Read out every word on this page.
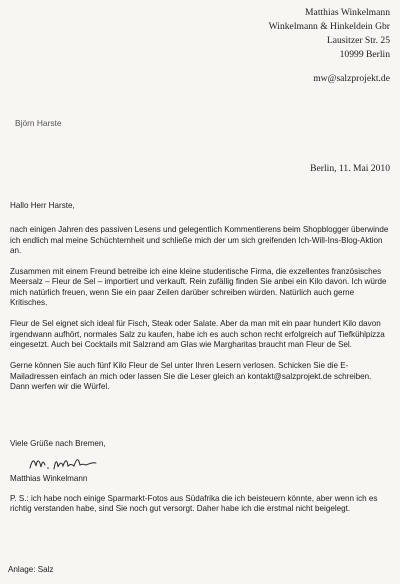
Matthias Winkelmann
Winkelmann & Hinkeldein Gbr
Lausitzer Str. 25
10999 Berlin
mw@salzprojekt.de
Björn Harste
Berlin, 11. Mai 2010

Hallo Herr Harste,

nach einigen Jahren des passiven Lesens und gelegentlich Kommentierens beim Shopblogger überwinde ich endlich mal meine Schüchternheit und schließe mich der um sich greifenden Ich-Will-Ins-Blog-Aktion an.

Zusammen mit einem Freund betreibe ich eine kleine studentische Firma, die exzellentes französisches Meersalz – Fleur de Sel – importiert und verkauft. Rein zufällig finden Sie anbei ein Kilo davon. Ich würde mich natürlich freuen, wenn Sie ein paar Zeilen darüber schreiben würden. Natürlich auch gerne Kritisches.

Fleur de Sel eignet sich ideal für Fisch, Steak oder Salate. Aber da man mit ein paar hundert Kilo davon irgendwann aufhört, normales Salz zu kaufen, habe ich es auch schon recht erfolgreich auf Tiefkühlpizza eingesetzt. Auch bei Cocktails mit Salzrand am Glas wie Margharitas braucht man Fleur de Sel.

Gerne können Sie auch fünf Kilo Fleur de Sel unter Ihren Lesern verlosen. Schicken Sie die E-Mailadressen einfach an mich oder lassen Sie die Leser gleich an kontakt@salzprojekt.de schreiben. Dann werfen wir die Würfel.

Viele Grüße nach Bremen,
Matthias Winkelmann
P. S.: ich habe noch einige Sparmarkt-Fotos aus Südafrika die ich beisteuern könnte, aber wenn ich es richtig verstanden habe, sind Sie noch gut versorgt. Daher habe ich die erstmal nicht beigelegt.
Anlage: Salz
